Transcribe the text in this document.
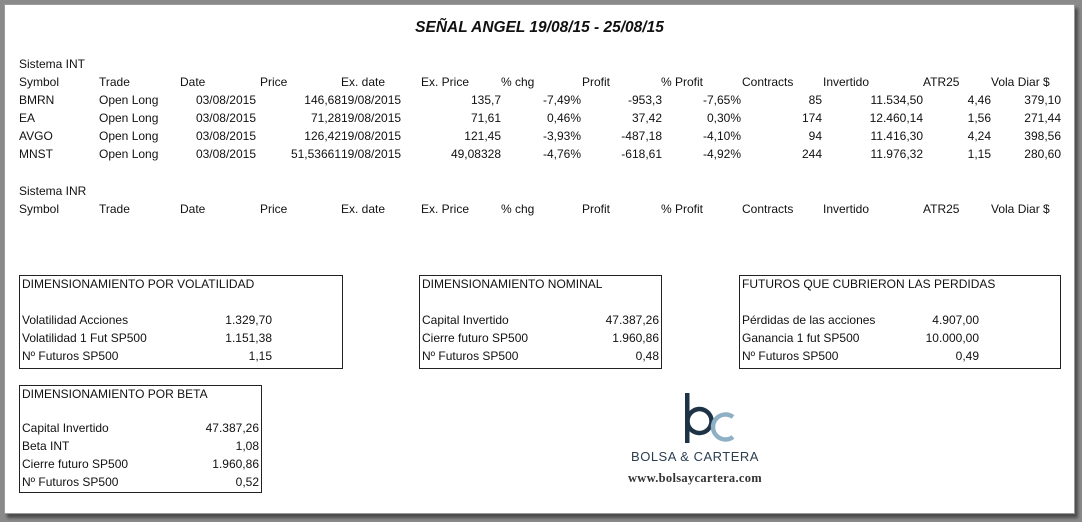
SEÑAL ANGEL 19/08/15 - 25/08/15
Sistema INT
Symbol	Trade	Date	Price	Ex. date	Ex. Price	% chg	Profit	% Profit	Contracts	Invertido	ATR25	Vola Diar $
BMRN	Open Long	03/08/2015	146,68 19/08/2015	135,7	-7,49%	-953,3	-7,65%	85	11.534,50	4,46	379,10
EA	Open Long	03/08/2015	71,28 19/08/2015	71,61	0,46%	37,42	0,30%	174	12.460,14	1,56	271,44
AVGO	Open Long	03/08/2015	126,42 19/08/2015	121,45	-3,93%	-487,18	-4,10%	94	11.416,30	4,24	398,56
MNST	Open Long	03/08/2015	51,53661 19/08/2015	49,08328	-4,76%	-618,61	-4,92%	244	11.976,32	1,15	280,60
Sistema INR
Symbol	Trade	Date	Price	Ex. date	Ex. Price	% chg	Profit	% Profit	Contracts	Invertido	ATR25	Vola Diar $
DIMENSIONAMIENTO POR VOLATILIDAD
Volatilidad Acciones	1.329,70
Volatilidad 1 Fut SP500	1.151,38
Nº Futuros SP500	1,15
DIMENSIONAMIENTO NOMINAL
Capital Invertido	47.387,26
Cierre futuro SP500	1.960,86
Nº Futuros SP500	0,48
FUTUROS QUE CUBRIERON LAS PERDIDAS
Pérdidas de las acciones	4.907,00
Ganancia 1 fut SP500	10.000,00
Nº Futuros SP500	0,49
DIMENSIONAMIENTO POR BETA
Capital Invertido	47.387,26
Beta INT	1,08
Cierre futuro SP500	1.960,86
Nº Futuros SP500	0,52
BOLSA & CARTERA
www.bolsaycartera.com
